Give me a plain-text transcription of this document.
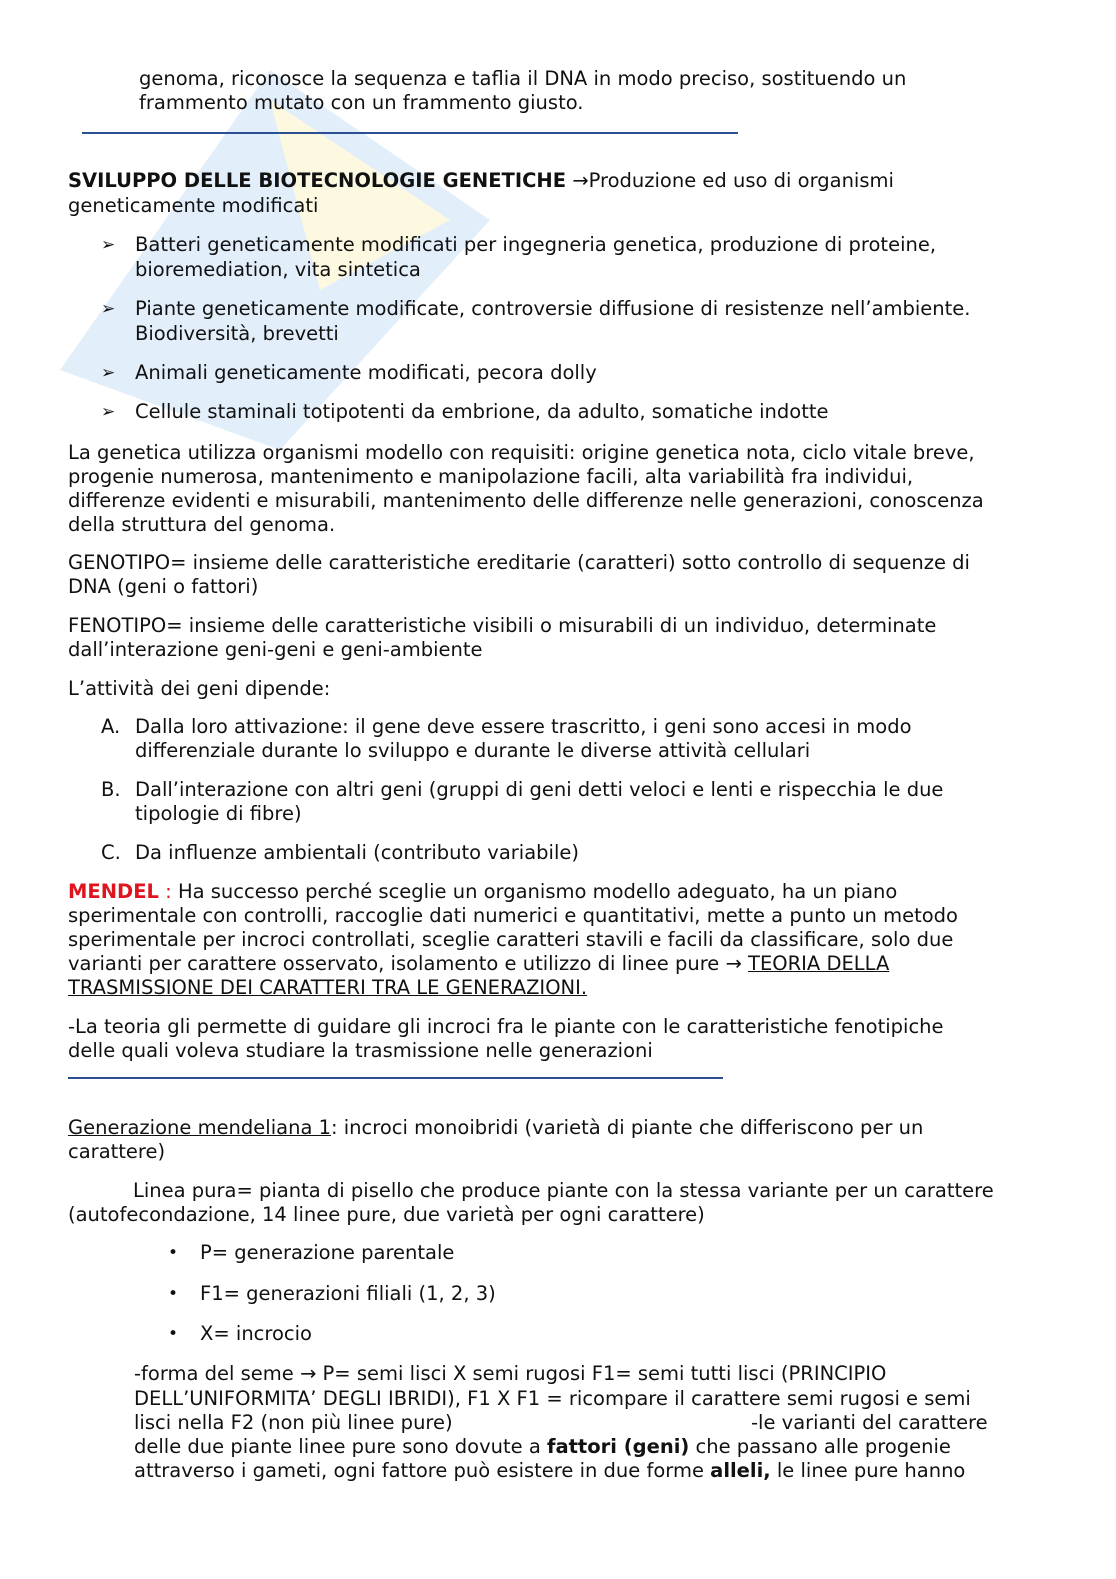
genoma, riconosce la sequenza e taflia il DNA in modo preciso, sostituendo un
frammento mutato con un frammento giusto.
SVILUPPO DELLE BIOTECNOLOGIE GENETICHE →Produzione ed uso di organismi
geneticamente modificati
➢ Batteri geneticamente modificati per ingegneria genetica, produzione di proteine,
bioremediation, vita sintetica
➢ Piante geneticamente modificate, controversie diffusione di resistenze nell’ambiente.
Biodiversità, brevetti
➢ Animali geneticamente modificati, pecora dolly
➢ Cellule staminali totipotenti da embrione, da adulto, somatiche indotte
La genetica utilizza organismi modello con requisiti: origine genetica nota, ciclo vitale breve,
progenie numerosa, mantenimento e manipolazione facili, alta variabilità fra individui,
differenze evidenti e misurabili, mantenimento delle differenze nelle generazioni, conoscenza
della struttura del genoma.
GENOTIPO= insieme delle caratteristiche ereditarie (caratteri) sotto controllo di sequenze di
DNA (geni o fattori)
FENOTIPO= insieme delle caratteristiche visibili o misurabili di un individuo, determinate
dall’interazione geni-geni e geni-ambiente
L’attività dei geni dipende:
A. Dalla loro attivazione: il gene deve essere trascritto, i geni sono accesi in modo
differenziale durante lo sviluppo e durante le diverse attività cellulari
B. Dall’interazione con altri geni (gruppi di geni detti veloci e lenti e rispecchia le due
tipologie di fibre)
C. Da influenze ambientali (contributo variabile)
MENDEL : Ha successo perché sceglie un organismo modello adeguato, ha un piano
sperimentale con controlli, raccoglie dati numerici e quantitativi, mette a punto un metodo
sperimentale per incroci controllati, sceglie caratteri stavili e facili da classificare, solo due
varianti per carattere osservato, isolamento e utilizzo di linee pure → TEORIA DELLA
TRASMISSIONE DEI CARATTERI TRA LE GENERAZIONI.
-La teoria gli permette di guidare gli incroci fra le piante con le caratteristiche fenotipiche
delle quali voleva studiare la trasmissione nelle generazioni
Generazione mendeliana 1: incroci monoibridi (varietà di piante che differiscono per un
carattere)
Linea pura= pianta di pisello che produce piante con la stessa variante per un carattere
(autofecondazione, 14 linee pure, due varietà per ogni carattere)
• P= generazione parentale
• F1= generazioni filiali (1, 2, 3)
• X= incrocio
-forma del seme → P= semi lisci X semi rugosi F1= semi tutti lisci (PRINCIPIO
DELL’UNIFORMITA’ DEGLI IBRIDI), F1 X F1 = ricompare il carattere semi rugosi e semi
lisci nella F2 (non più linee pure)	-le varianti del carattere
delle due piante linee pure sono dovute a fattori (geni) che passano alle progenie
attraverso i gameti, ogni fattore può esistere in due forme alleli, le linee pure hanno
